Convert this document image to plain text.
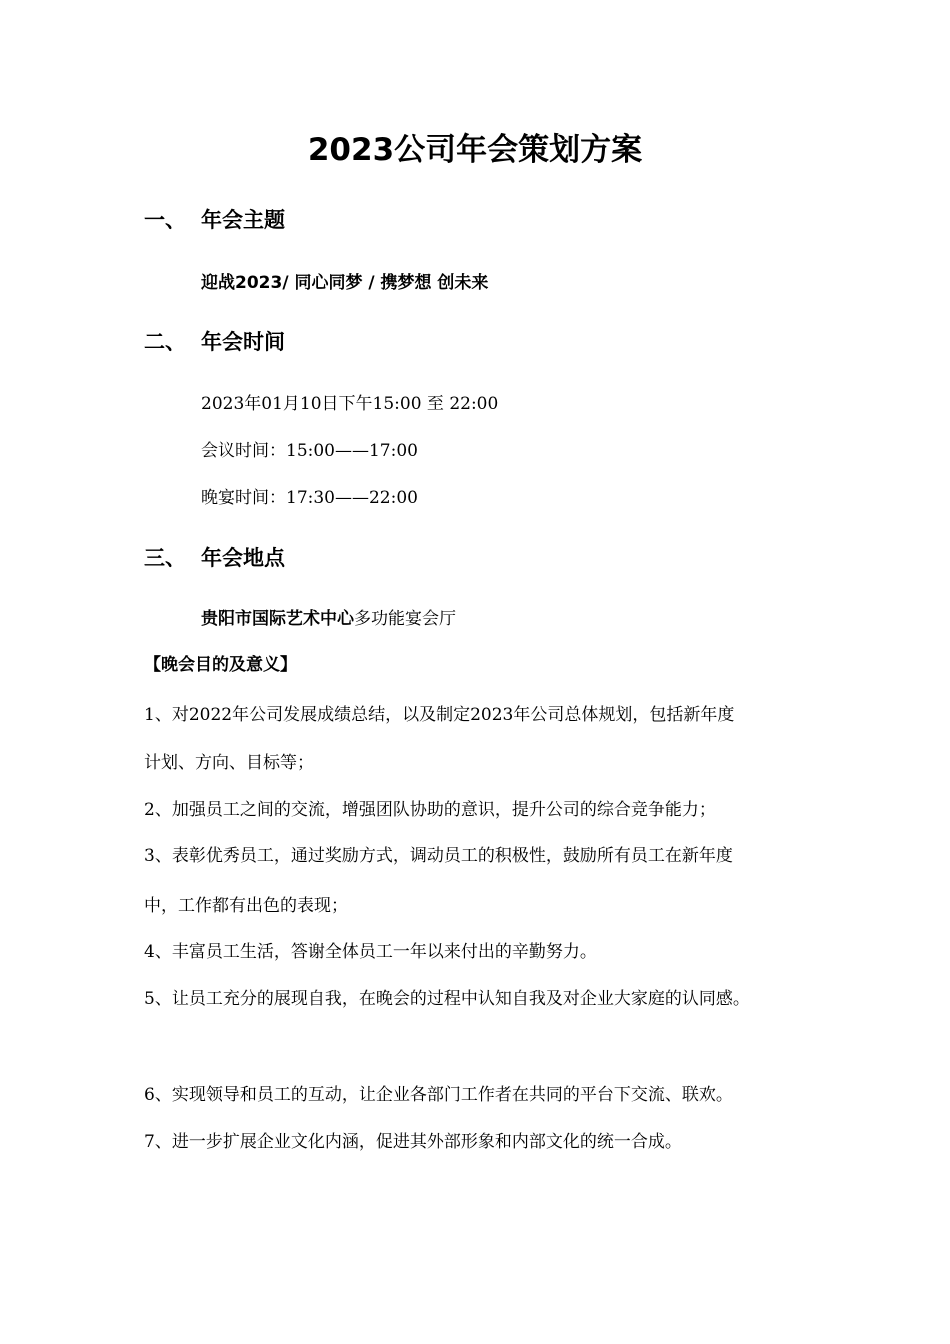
2023公司年会策划方案
一、 年会主题
迎战2023/ 同心同梦 / 携梦想 创未来
二、 年会时间
2023年01月10日下午15:00 至 22:00
会议时间：15:00——17:00
晚宴时间：17:30——22:00
三、 年会地点
贵阳市国际艺术中心多功能宴会厅
【晚会目的及意义】
1、对2022年公司发展成绩总结，以及制定2023年公司总体规划，包括新年度
计划、方向、目标等；
2、加强员工之间的交流，增强团队协助的意识，提升公司的综合竞争能力；
3、表彰优秀员工，通过奖励方式，调动员工的积极性，鼓励所有员工在新年度
中，工作都有出色的表现；
4、丰富员工生活，答谢全体员工一年以来付出的辛勤努力。
5、让员工充分的展现自我，在晚会的过程中认知自我及对企业大家庭的认同感。
6、实现领导和员工的互动，让企业各部门工作者在共同的平台下交流、联欢。
7、进一步扩展企业文化内涵，促进其外部形象和内部文化的统一合成。
